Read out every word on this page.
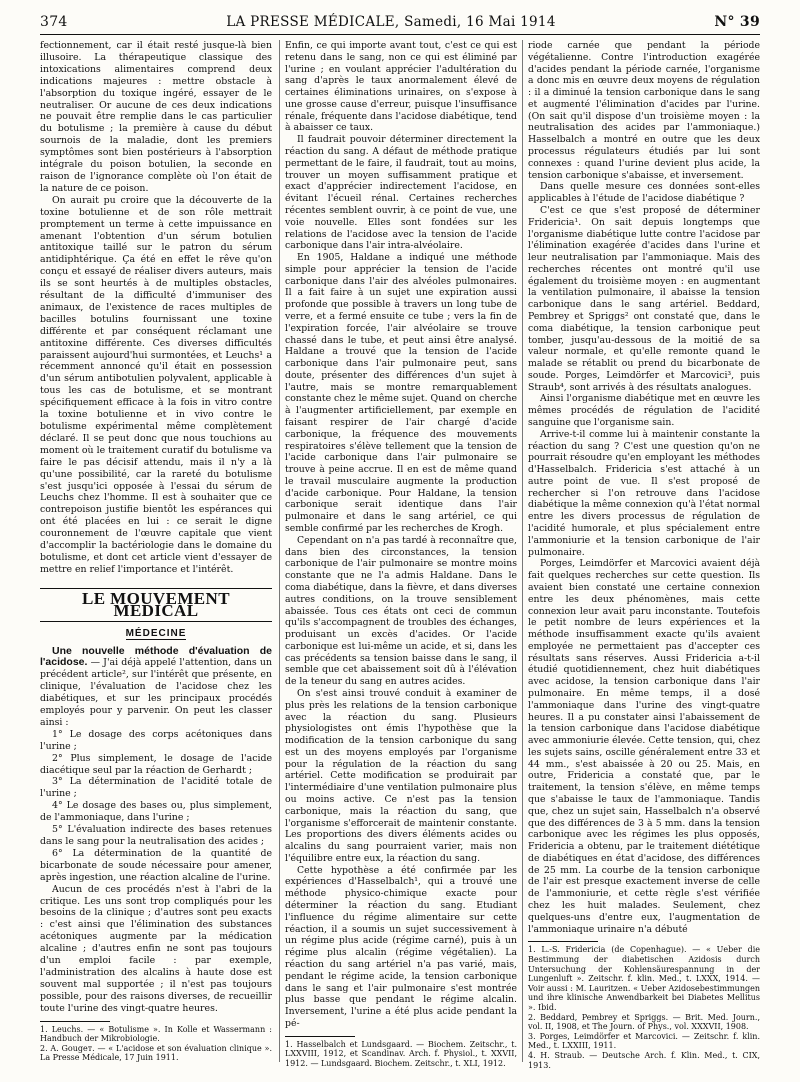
374	LA PRESSE MÉDICALE, Samedi, 16 Mai 1914	N° 39

fectionnement, car il était resté jusque-là bien illusoire. La thérapeutique classique des intoxications alimentaires comprend deux indications majeures : mettre obstacle à l'absorption du toxique ingéré, essayer de le neutraliser. Or aucune de ces deux indications ne pouvait être remplie dans le cas particulier du botulisme ; la première à cause du début sournois de la maladie, dont les premiers symptômes sont bien postérieurs à l'absorption intégrale du poison botulien, la seconde en raison de l'ignorance complète où l'on était de la nature de ce poison.

On aurait pu croire que la découverte de la toxine botulienne et de son rôle mettrait promptement un terme à cette impuissance en amenant l'obtention d'un sérum botulien antitoxique taillé sur le patron du sérum antidiphtérique. Ça été en effet le rêve qu'on conçu et essayé de réaliser divers auteurs, mais ils se sont heurtés à de multiples obstacles, résultant de la difficulté d'immuniser des animaux, de l'existence de races multiples de bacilles botulins fournissant une toxine différente et par conséquent réclamant une antitoxine différente. Ces diverses difficultés paraissent aujourd'hui surmontées, et Leuchs¹ a récemment annoncé qu'il était en possession d'un sérum antibotulien polyvalent, applicable à tous les cas de botulisme, et se montrant spécifiquement efficace à la fois in vitro contre la toxine botulienne et in vivo contre le botulisme expérimental même complètement déclaré. Il se peut donc que nous touchions au moment où le traitement curatif du botulisme va faire le pas décisif attendu, mais il n'y a là qu'une possibilité, car la rareté du botulisme s'est jusqu'ici opposée à l'essai du sérum de Leuchs chez l'homme. Il est à souhaiter que ce contrepoison justifie bientôt les espérances qui ont été placées en lui : ce serait le digne couronnement de l'œuvre capitale que vient d'accomplir la bactériologie dans le domaine du botulisme, et dont cet article vient d'essayer de mettre en relief l'importance et l'intérêt.

LE MOUVEMENT MÉDICAL
MÉDECINE

Une nouvelle méthode d'évaluation de l'acidose. — J'ai déjà appelé l'attention, dans un précédent article², sur l'intérêt que présente, en clinique, l'évaluation de l'acidose chez les diabétiques, et sur les principaux procédés employés pour y parvenir. On peut les classer ainsi :

1° Le dosage des corps acétoniques dans l'urine ;

2° Plus simplement, le dosage de l'acide diacétique seul par la réaction de Gerhardt ;

3° La détermination de l'acidité totale de l'urine ;

4° Le dosage des bases ou, plus simplement, de l'ammoniaque, dans l'urine ;

5° L'évaluation indirecte des bases retenues dans le sang pour la neutralisation des acides ;

6° La détermination de la quantité de bicarbonate de soude nécessaire pour amener, après ingestion, une réaction alcaline de l'urine.

Aucun de ces procédés n'est à l'abri de la critique. Les uns sont trop compliqués pour les besoins de la clinique ; d'autres sont peu exacts : c'est ainsi que l'élimination des substances acétoniques augmente par la médication alcaline ; d'autres enfin ne sont pas toujours d'un emploi facile : par exemple, l'administration des alcalins à haute dose est souvent mal supportée ; il n'est pas toujours possible, pour des raisons diverses, de recueillir toute l'urine des vingt-quatre heures.

1. Leuchs. — « Botulisme ». In Kolle et Wassermann : Handbuch der Mikrobiologie.

2. A. Gougет. — « L'acidose et son évaluation clinique ». La Presse Médicale, 17 Juin 1911.

Enfin, ce qui importe avant tout, c'est ce qui est retenu dans le sang, non ce qui est éliminé par l'urine ; en voulant apprécier l'adultération du sang d'après le taux anormalement élevé de certaines éliminations urinaires, on s'expose à une grosse cause d'erreur, puisque l'insuffisance rénale, fréquente dans l'acidose diabétique, tend à abaisser ce taux.

Il faudrait pouvoir déterminer directement la réaction du sang. A défaut de méthode pratique permettant de le faire, il faudrait, tout au moins, trouver un moyen suffisamment pratique et exact d'apprécier indirectement l'acidose, en évitant l'écueil rénal. Certaines recherches récentes semblent ouvrir, à ce point de vue, une voie nouvelle. Elles sont fondées sur les relations de l'acidose avec la tension de l'acide carbonique dans l'air intra-alvéolaire.

En 1905, Haldane a indiqué une méthode simple pour apprécier la tension de l'acide carbonique dans l'air des alvéoles pulmonaires. Il a fait faire à un sujet une expiration aussi profonde que possible à travers un long tube de verre, et a fermé ensuite ce tube ; vers la fin de l'expiration forcée, l'air alvéolaire se trouve chassé dans le tube, et peut ainsi être analysé. Haldane a trouvé que la tension de l'acide carbonique dans l'air pulmonaire peut, sans doute, présenter des différences d'un sujet à l'autre, mais se montre remarquablement constante chez le même sujet. Quand on cherche à l'augmenter artificiellement, par exemple en faisant respirer de l'air chargé d'acide carbonique, la fréquence des mouvements respiratoires s'élève tellement que la tension de l'acide carbonique dans l'air pulmonaire se trouve à peine accrue. Il en est de même quand le travail musculaire augmente la production d'acide carbonique. Pour Haldane, la tension carbonique serait identique dans l'air pulmonaire et dans le sang artériel, ce qui semble confirmé par les recherches de Krogh.

Cependant on n'a pas tardé à reconnaître que, dans bien des circonstances, la tension carbonique de l'air pulmonaire se montre moins constante que ne l'a admis Haldane. Dans le coma diabétique, dans la fièvre, et dans diverses autres conditions, on la trouve sensiblement abaissée. Tous ces états ont ceci de commun qu'ils s'accompagnent de troubles des échanges, produisant un excès d'acides. Or l'acide carbonique est lui-même un acide, et si, dans les cas précédents sa tension baisse dans le sang, il semble que cet abaissement soit dû à l'élévation de la teneur du sang en autres acides.

On s'est ainsi trouvé conduit à examiner de plus près les relations de la tension carbonique avec la réaction du sang. Plusieurs physiologistes ont émis l'hypothèse que la modification de la tension carbonique du sang est un des moyens employés par l'organisme pour la régulation de la réaction du sang artériel. Cette modification se produirait par l'intermédiaire d'une ventilation pulmonaire plus ou moins active. Ce n'est pas la tension carbonique, mais la réaction du sang, que l'organisme s'efforcerait de maintenir constante. Les proportions des divers éléments acides ou alcalins du sang pourraient varier, mais non l'équilibre entre eux, la réaction du sang.

Cette hypothèse a été confirmée par les expériences d'Hasselbalch¹, qui a trouvé une méthode physico-chimique exacte pour déterminer la réaction du sang. Etudiant l'influence du régime alimentaire sur cette réaction, il a soumis un sujet successivement à un régime plus acide (régime carné), puis à un régime plus alcalin (régime végétalien). La réaction du sang artériel n'a pas varié, mais, pendant le régime acide, la tension carbonique dans le sang et l'air pulmonaire s'est montrée plus basse que pendant le régime alcalin. Inversement, l'urine a été plus acide pendant la pé-

1. Hasselbalch et Lundsgaard. — Biochem. Zeitschr., t. LXXVIII, 1912, et Scandinav. Arch. f. Physiol., t. XXVII, 1912. — Lundsgaard. Biochem. Zeitschr., t. XLI, 1912.

riode carnée que pendant la période végétalienne. Contre l'introduction exagérée d'acides pendant la période carnée, l'organisme a donc mis en œuvre deux moyens de régulation : il a diminué la tension carbonique dans le sang et augmenté l'élimination d'acides par l'urine. (On sait qu'il dispose d'un troisième moyen : la neutralisation des acides par l'ammoniaque.) Hasselbalch a montré en outre que les deux processus régulateurs étudiés par lui sont connexes : quand l'urine devient plus acide, la tension carbonique s'abaisse, et inversement.

Dans quelle mesure ces données sont-elles applicables à l'étude de l'acidose diabétique ?

C'est ce que s'est proposé de déterminer Fridericia¹. On sait depuis longtemps que l'organisme diabétique lutte contre l'acidose par l'élimination exagérée d'acides dans l'urine et leur neutralisation par l'ammoniaque. Mais des recherches récentes ont montré qu'il use également du troisième moyen : en augmentant la ventilation pulmonaire, il abaisse la tension carbonique dans le sang artériel. Beddard, Pembrey et Spriggs² ont constaté que, dans le coma diabétique, la tension carbonique peut tomber, jusqu'au-dessous de la moitié de sa valeur normale, et qu'elle remonte quand le malade se rétablit ou prend du bicarbonate de soude. Porges, Leimdörfer et Marcovici³, puis Straub⁴, sont arrivés à des résultats analogues.

Ainsi l'organisme diabétique met en œuvre les mêmes procédés de régulation de l'acidité sanguine que l'organisme sain.

Arrive-t-il comme lui à maintenir constante la réaction du sang ? C'est une question qu'on ne pourrait résoudre qu'en employant les méthodes d'Hasselbalch. Fridericia s'est attaché à un autre point de vue. Il s'est proposé de rechercher si l'on retrouve dans l'acidose diabétique la même connexion qu'à l'état normal entre les divers processus de régulation de l'acidité humorale, et plus spécialement entre l'ammoniurie et la tension carbonique de l'air pulmonaire.

Porges, Leimdörfer et Marcovici avaient déjà fait quelques recherches sur cette question. Ils avaient bien constaté une certaine connexion entre les deux phénomènes, mais cette connexion leur avait paru inconstante. Toutefois le petit nombre de leurs expériences et la méthode insuffisamment exacte qu'ils avaient employée ne permettaient pas d'accepter ces résultats sans réserves. Aussi Fridericia a-t-il étudié quotidiennement, chez huit diabétiques avec acidose, la tension carbonique dans l'air pulmonaire. En même temps, il a dosé l'ammoniaque dans l'urine des vingt-quatre heures. Il a pu constater ainsi l'abaissement de la tension carbonique dans l'acidose diabétique avec ammoniurie élevée. Cette tension, qui, chez les sujets sains, oscille généralement entre 33 et 44 mm., s'est abaissée à 20 ou 25. Mais, en outre, Fridericia a constaté que, par le traitement, la tension s'élève, en même temps que s'abaisse le taux de l'ammoniaque. Tandis que, chez un sujet sain, Hasselbalch n'a observé que des différences de 3 à 5 mm. dans la tension carbonique avec les régimes les plus opposés, Fridericia a obtenu, par le traitement diététique de diabétiques en état d'acidose, des différences de 25 mm. La courbe de la tension carbonique de l'air est presque exactement inverse de celle de l'ammoniurie, et cette règle s'est vérifiée chez les huit malades. Seulement, chez quelques-uns d'entre eux, l'augmentation de l'ammoniaque urinaire n'a débuté

1. L.-S. Fridericia (de Copenhague). — « Ueber die Bestimmung der diabetischen Azidosis durch Untersuchung der Kohlensäurespannung in der Lungenluft ». Zeitschr. f. klin. Med., t. LXXX, 1914. — Voir aussi : M. Lauritzen. « Ueber Azidosebestimmungen und ihre klinische Anwendbarkeit bei Diabetes Mellitus ». Ibid.

2. Beddard, Pembrey et Spriggs. — Brit. Med. Journ., vol. II, 1908, et The Journ. of Phys., vol. XXXVII, 1908.

3. Porges, Leimdörfer et Marcovici. — Zeitschr. f. klin. Med., t. LXXIII, 1911.

4. H. Straub. — Deutsche Arch. f. Klin. Med., t. CIX, 1913.
